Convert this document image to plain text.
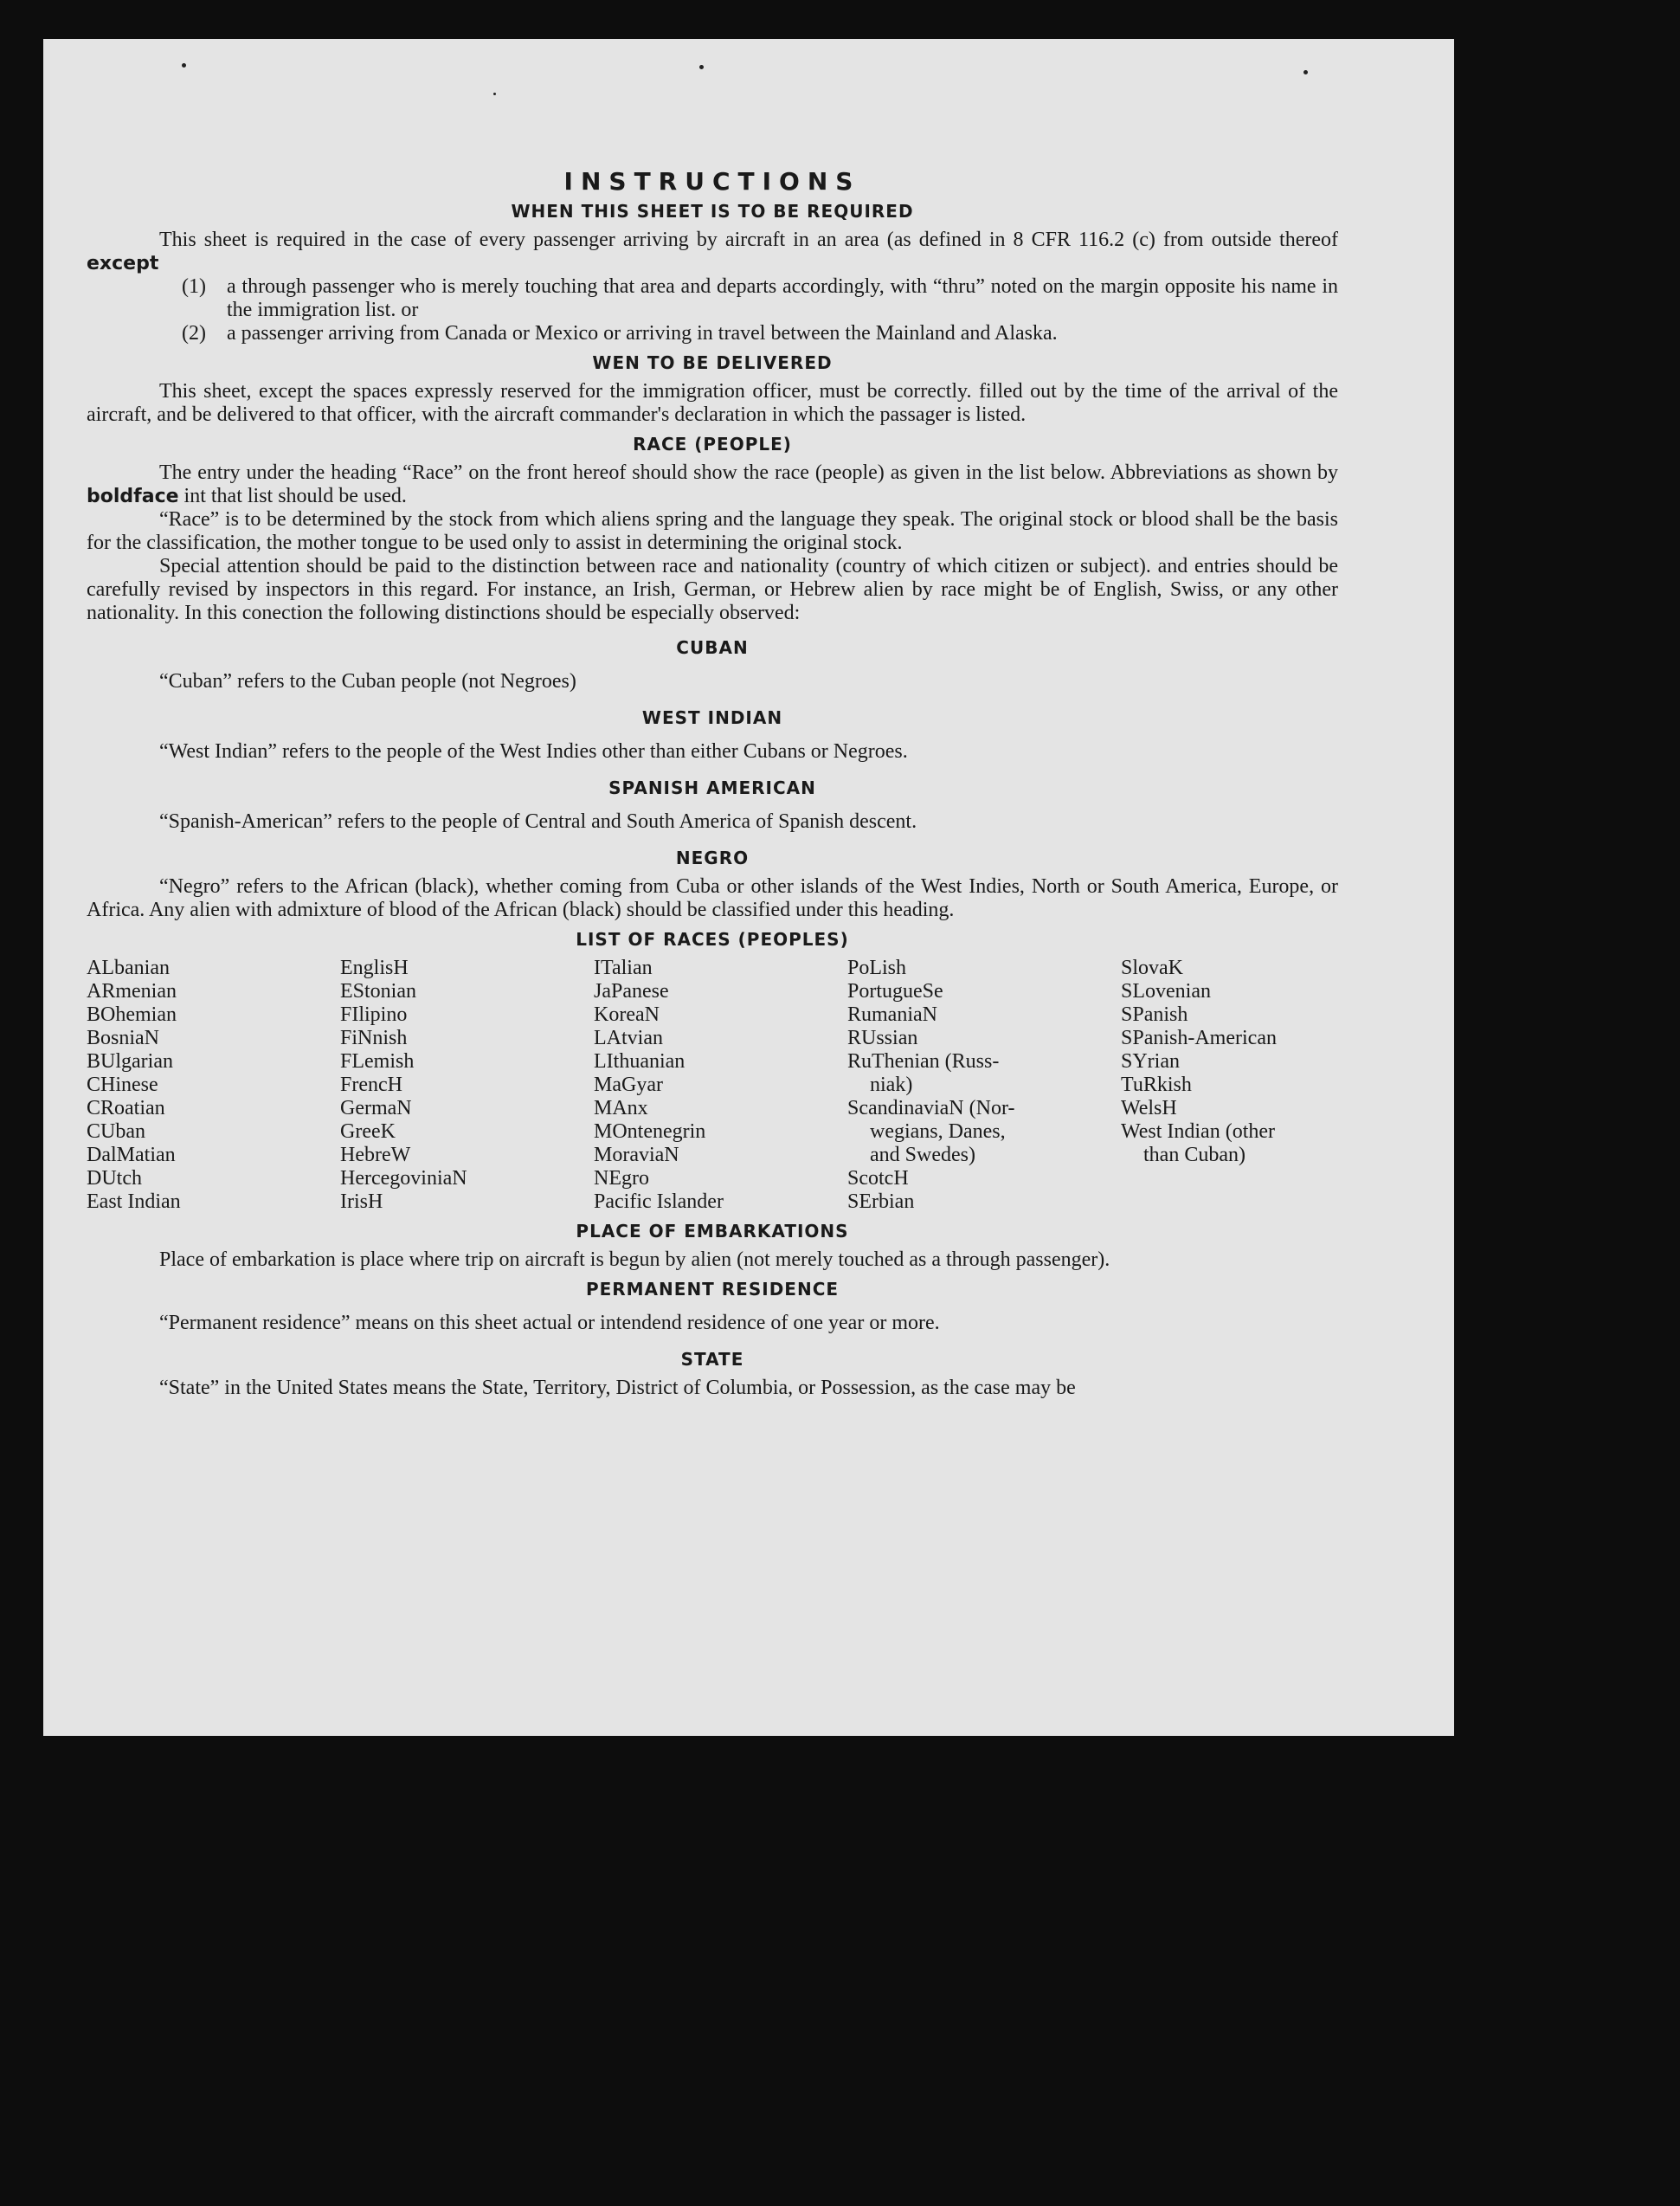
INSTRUCTIONS
WHEN THIS SHEET IS TO BE REQUIRED

This sheet is required in the case of every passenger arriving by aircraft in an area (as defined in 8 CFR 116.2 (c) from outside thereof except

(1)	a through passenger who is merely touching that area and departs accordingly, with “thru” noted on the margin opposite his name in the immigration list. or
(2)	a passenger arriving from Canada or Mexico or arriving in travel between the Mainland and Alaska.
WEN TO BE DELIVERED

This sheet, except the spaces expressly reserved for the immigration officer, must be correctly. filled out by the time of the arrival of the aircraft, and be delivered to that officer, with the aircraft commander's declaration in which the passager is listed.

RACE (PEOPLE)

The entry under the heading “Race” on the front hereof should show the race (people) as given in the list below. Abbreviations as shown by boldface int that list should be used.

“Race” is to be determined by the stock from which aliens spring and the language they speak. The original stock or blood shall be the basis for the classification, the mother tongue to be used only to assist in determining the original stock.

Special attention should be paid to the distinction between race and nationality (country of which citizen or subject). and entries should be carefully revised by inspectors in this regard. For instance, an Irish, German, or Hebrew alien by race might be of English, Swiss, or any other nationality. In this conection the following distinctions should be especially observed:

CUBAN

“Cuban” refers to the Cuban people (not Negroes)

WEST INDIAN

“West Indian” refers to the people of the West Indies other than either Cubans or Negroes.

SPANISH AMERICAN

“Spanish-American” refers to the people of Central and South America of Spanish descent.

NEGRO

“Negro” refers to the African (black), whether coming from Cuba or other islands of the West Indies, North or South America, Europe, or Africa. Any alien with admixture of blood of the African (black) should be classified under this heading.

LIST OF RACES (PEOPLES)
ALbanian
ARmenian
BOhemian
BosniaN
BUlgarian
CHinese
CRoatian
CUban
DalMatian
DUtch
East Indian
EnglisH
EStonian
FIlipino
FiNnish
FLemish
FrencH
GermaN
GreeK
HebreW
HercegovinіaN
IrisH
ITalian
JaPanese
KoreaN
LAtvian
LIthuanian
MaGyar
MAnx
MOntenegrin
MoraviaN
NEgro
Pacific Islander
PoLish
PortugueSe
RumaniaN
RUssian
RuThenian (Russ-
niak)
ScandinaviaN (Nor-
wegians, Danes,
and Swedes)
ScotcH
SErbian
SlovaK
SLovenian
SPanish
SPanish-American
SYrian
TuRkish
WelsH
West Indian (other
than Cuban)
PLACE OF EMBARKATIONS

Place of embarkation is place where trip on aircraft is begun by alien (not merely touched as a through passenger).

PERMANENT RESIDENCE

“Permanent residence” means on this sheet actual or intendend residence of one year or more.

STATE

“State” in the United States means the State, Territory, District of Columbia, or Possession, as the case may be
